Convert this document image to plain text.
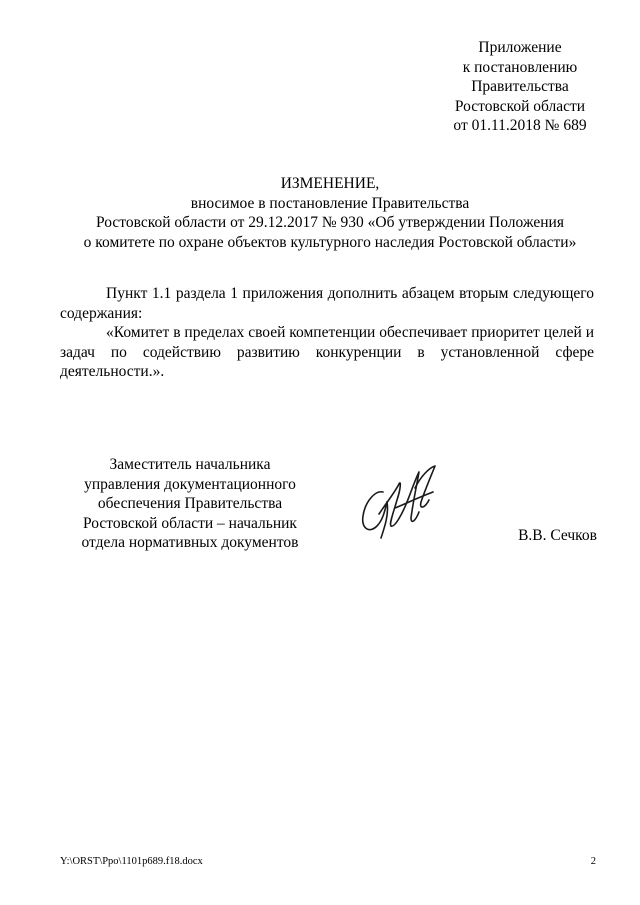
Приложение
к постановлению
Правительства
Ростовской области
от 01.11.2018 № 689
ИЗМЕНЕНИЕ,
вносимое в постановление Правительства
Ростовской области от 29.12.2017 № 930 «Об утверждении Положения
о комитете по охране объектов культурного наследия Ростовской области»

Пункт 1.1 раздела 1 приложения дополнить абзацем вторым следующего содержания:

«Комитет в пределах своей компетенции обеспечивает приоритет целей и задач по содействию развитию конкуренции в установленной сфере деятельности.».

Заместитель начальника
управления документационного
обеспечения Правительства
Ростовской области – начальник
отдела нормативных документов	В.В. Сечков
Y:\ORST\Ppo\1101p689.f18.docx	2
